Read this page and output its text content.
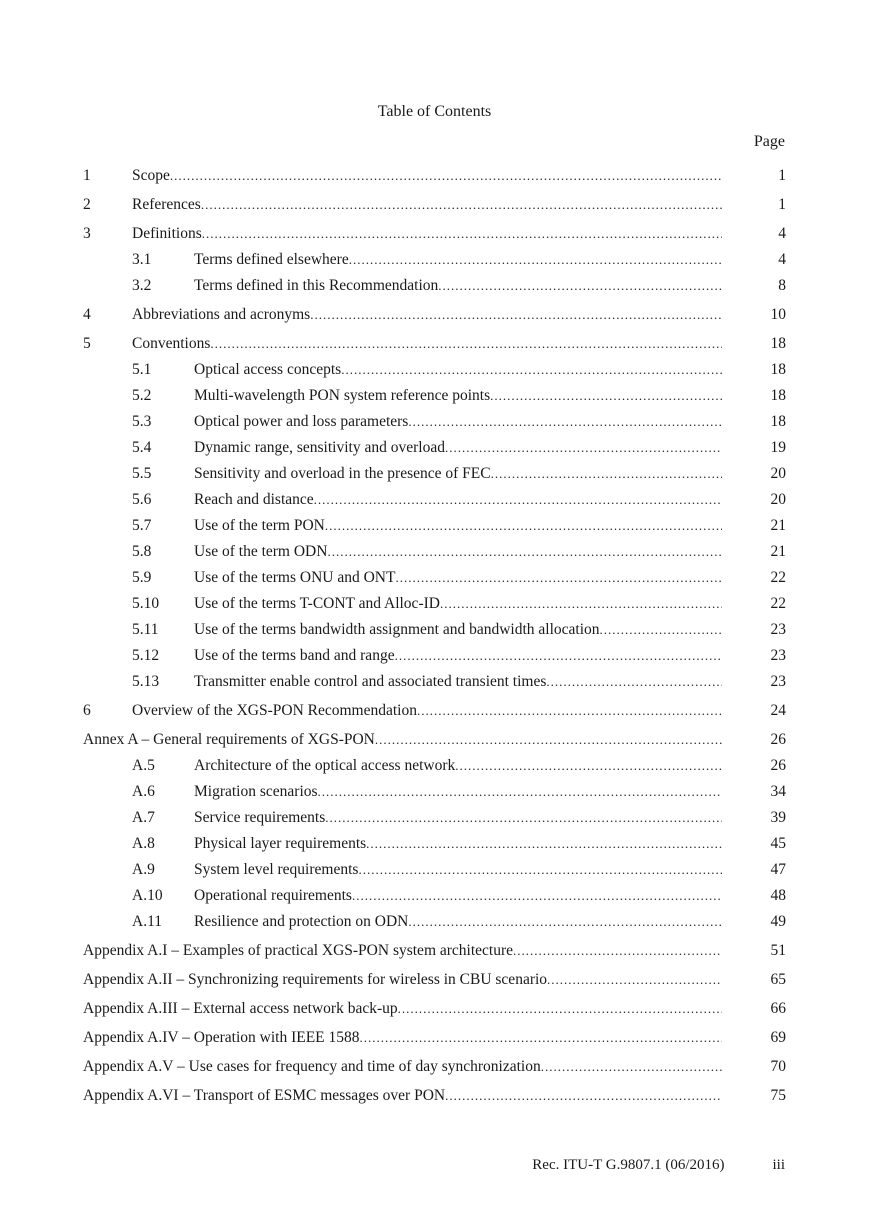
Table of Contents
Page
1	Scope .....	1
2	References .....	1
3	Definitions .....	4
3.1	Terms defined elsewhere .....	4
3.2	Terms defined in this Recommendation .....	8
4	Abbreviations and acronyms .....	10
5	Conventions .....	18
5.1	Optical access concepts .....	18
5.2	Multi-wavelength PON system reference points .....	18
5.3	Optical power and loss parameters .....	18
5.4	Dynamic range, sensitivity and overload .....	19
5.5	Sensitivity and overload in the presence of FEC .....	20
5.6	Reach and distance .....	20
5.7	Use of the term PON .....	21
5.8	Use of the term ODN .....	21
5.9	Use of the terms ONU and ONT .....	22
5.10	Use of the terms T-CONT and Alloc-ID .....	22
5.11	Use of the terms bandwidth assignment and bandwidth allocation .....	23
5.12	Use of the terms band and range .....	23
5.13	Transmitter enable control and associated transient times .....	23
6	Overview of the XGS-PON Recommendation .....	24
Annex A – General requirements of XGS-PON .....	26
A.5	Architecture of the optical access network .....	26
A.6	Migration scenarios .....	34
A.7	Service requirements .....	39
A.8	Physical layer requirements .....	45
A.9	System level requirements .....	47
A.10	Operational requirements .....	48
A.11	Resilience and protection on ODN .....	49
Appendix A.I – Examples of practical XGS-PON system architecture .....	51
Appendix A.II – Synchronizing requirements for wireless in CBU scenario .....	65
Appendix A.III – External access network back-up .....	66
Appendix A.IV – Operation with IEEE 1588 .....	69
Appendix A.V – Use cases for frequency and time of day synchronization .....	70
Appendix A.VI – Transport of ESMC messages over PON .....	75
Rec. ITU-T G.9807.1 (06/2016)	iii
